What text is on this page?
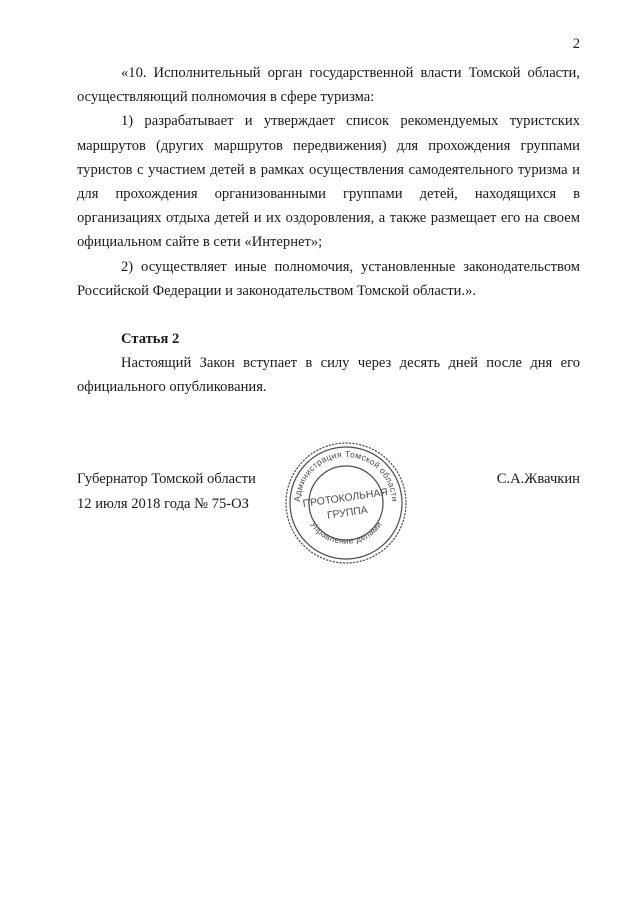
2

«10. Исполнительный орган государственной власти Томской области, осуществляющий полномочия в сфере туризма:

1) разрабатывает и утверждает список рекомендуемых туристских маршрутов (других маршрутов передвижения) для прохождения группами туристов с участием детей в рамках осуществления самодеятельного туризма и для прохождения организованными группами детей, находящихся в организациях отдыха детей и их оздоровления, а также размещает его на своем официальном сайте в сети «Интернет»;

2) осуществляет иные полномочия, установленные законодательством Российской Федерации и законодательством Томской области.».

Статья 2

Настоящий Закон вступает в силу через десять дней после дня его официального опубликования.

Губернатор Томской области
12 июля 2018 года № 75-ОЗ
С.А.Жвачкин
Администрация Томской области
Управление делами
ПРОТОКОЛЬНАЯ
ГРУППА
